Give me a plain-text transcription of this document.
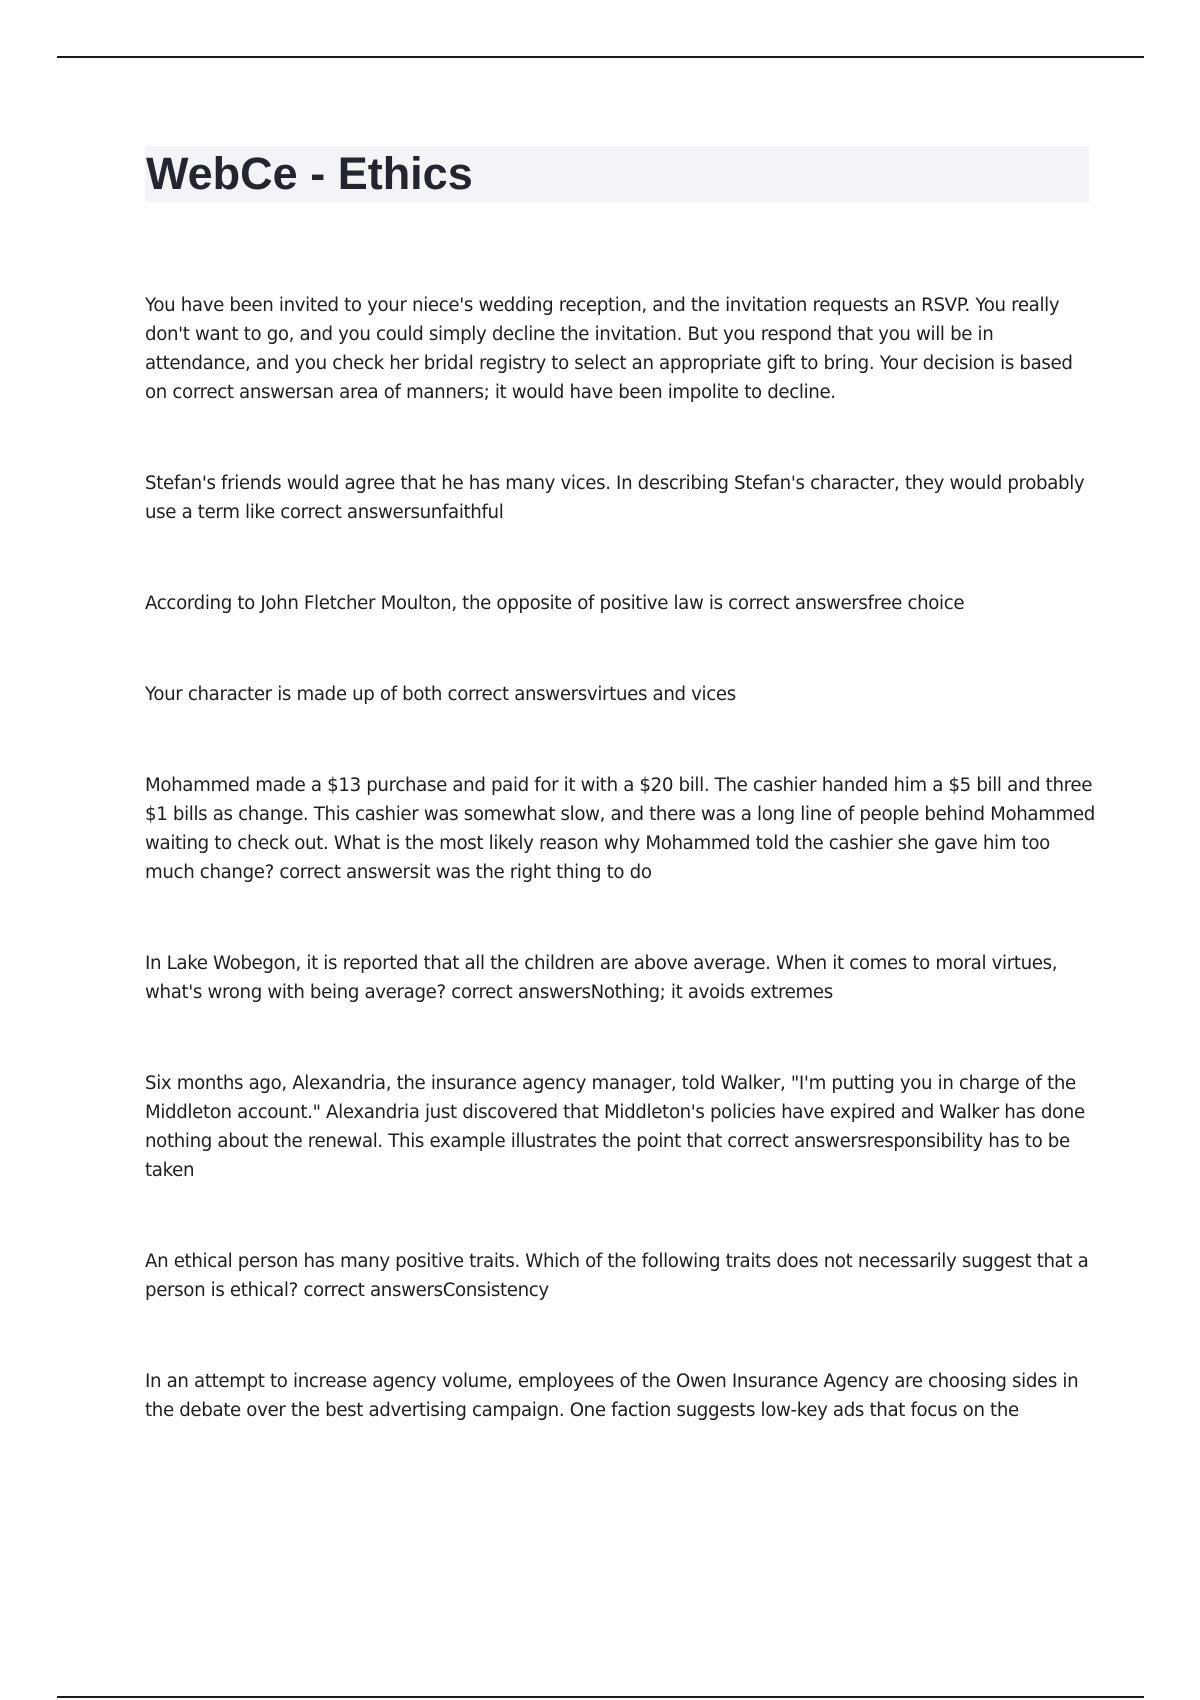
WebCe - Ethics

You have been invited to your niece's wedding reception, and the invitation requests an RSVP. You really don't want to go, and you could simply decline the invitation. But you respond that you will be in attendance, and you check her bridal registry to select an appropriate gift to bring. Your decision is based on correct answersan area of manners; it would have been impolite to decline.

Stefan's friends would agree that he has many vices. In describing Stefan's character, they would probably use a term like correct answersunfaithful

According to John Fletcher Moulton, the opposite of positive law is correct answersfree choice

Your character is made up of both correct answersvirtues and vices

Mohammed made a $13 purchase and paid for it with a $20 bill. The cashier handed him a $5 bill and three $1 bills as change. This cashier was somewhat slow, and there was a long line of people behind Mohammed waiting to check out. What is the most likely reason why Mohammed told the cashier she gave him too much change? correct answersit was the right thing to do

In Lake Wobegon, it is reported that all the children are above average. When it comes to moral virtues, what's wrong with being average? correct answersNothing; it avoids extremes

Six months ago, Alexandria, the insurance agency manager, told Walker, "I'm putting you in charge of the Middleton account." Alexandria just discovered that Middleton's policies have expired and Walker has done nothing about the renewal. This example illustrates the point that correct answersresponsibility has to be taken

An ethical person has many positive traits. Which of the following traits does not necessarily suggest that a person is ethical? correct answersConsistency

In an attempt to increase agency volume, employees of the Owen Insurance Agency are choosing sides in the debate over the best advertising campaign. One faction suggests low-key ads that focus on the
